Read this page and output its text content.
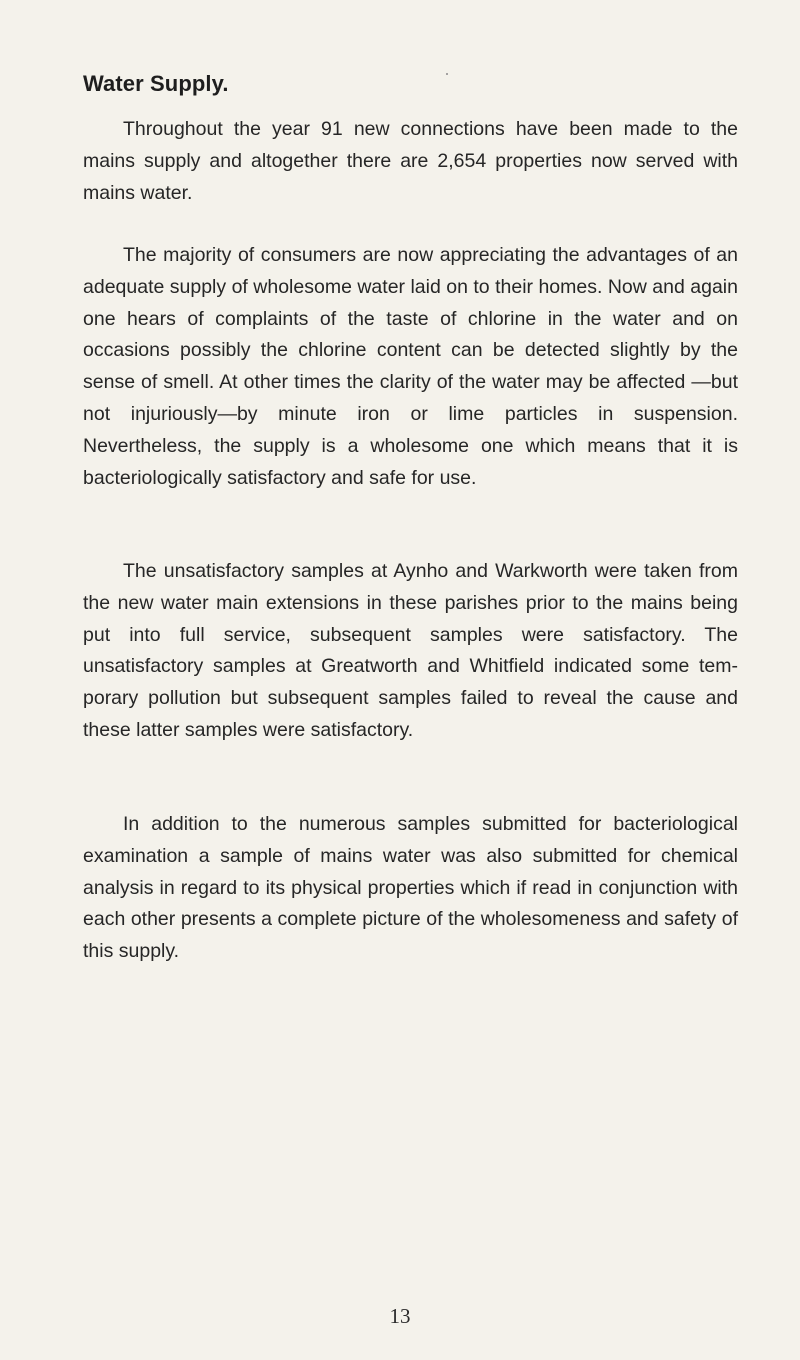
Water Supply.

Throughout the year 91 new connections have been made to the mains supply and altogether there are 2,654 properties now served with mains water.

The majority of consumers are now appreciating the advantages of an adequate supply of wholesome water laid on to their homes. Now and again one hears of complaints of the taste of chlorine in the water and on occasions possibly the chlorine content can be detected slightly by the sense of smell. At other times the clarity of the water may be affected —but not injuriously—by minute iron or lime particles in suspension. Nevertheless, the supply is a wholesome one which means that it is bacteriologically satisfactory and safe for use.

The unsatisfactory samples at Aynho and Warkworth were taken from the new water main extensions in these parishes prior to the mains being put into full service, subsequent samples were satisfactory. The unsatisfactory samples at Greatworth and Whitfield indicated some tem- porary pollution but subsequent samples failed to reveal the cause and these latter samples were satisfactory.

In addition to the numerous samples submitted for bacteriological examination a sample of mains water was also submitted for chemical analysis in regard to its physical properties which if read in conjunction with each other presents a complete picture of the wholesomeness and safety of this supply.

13
